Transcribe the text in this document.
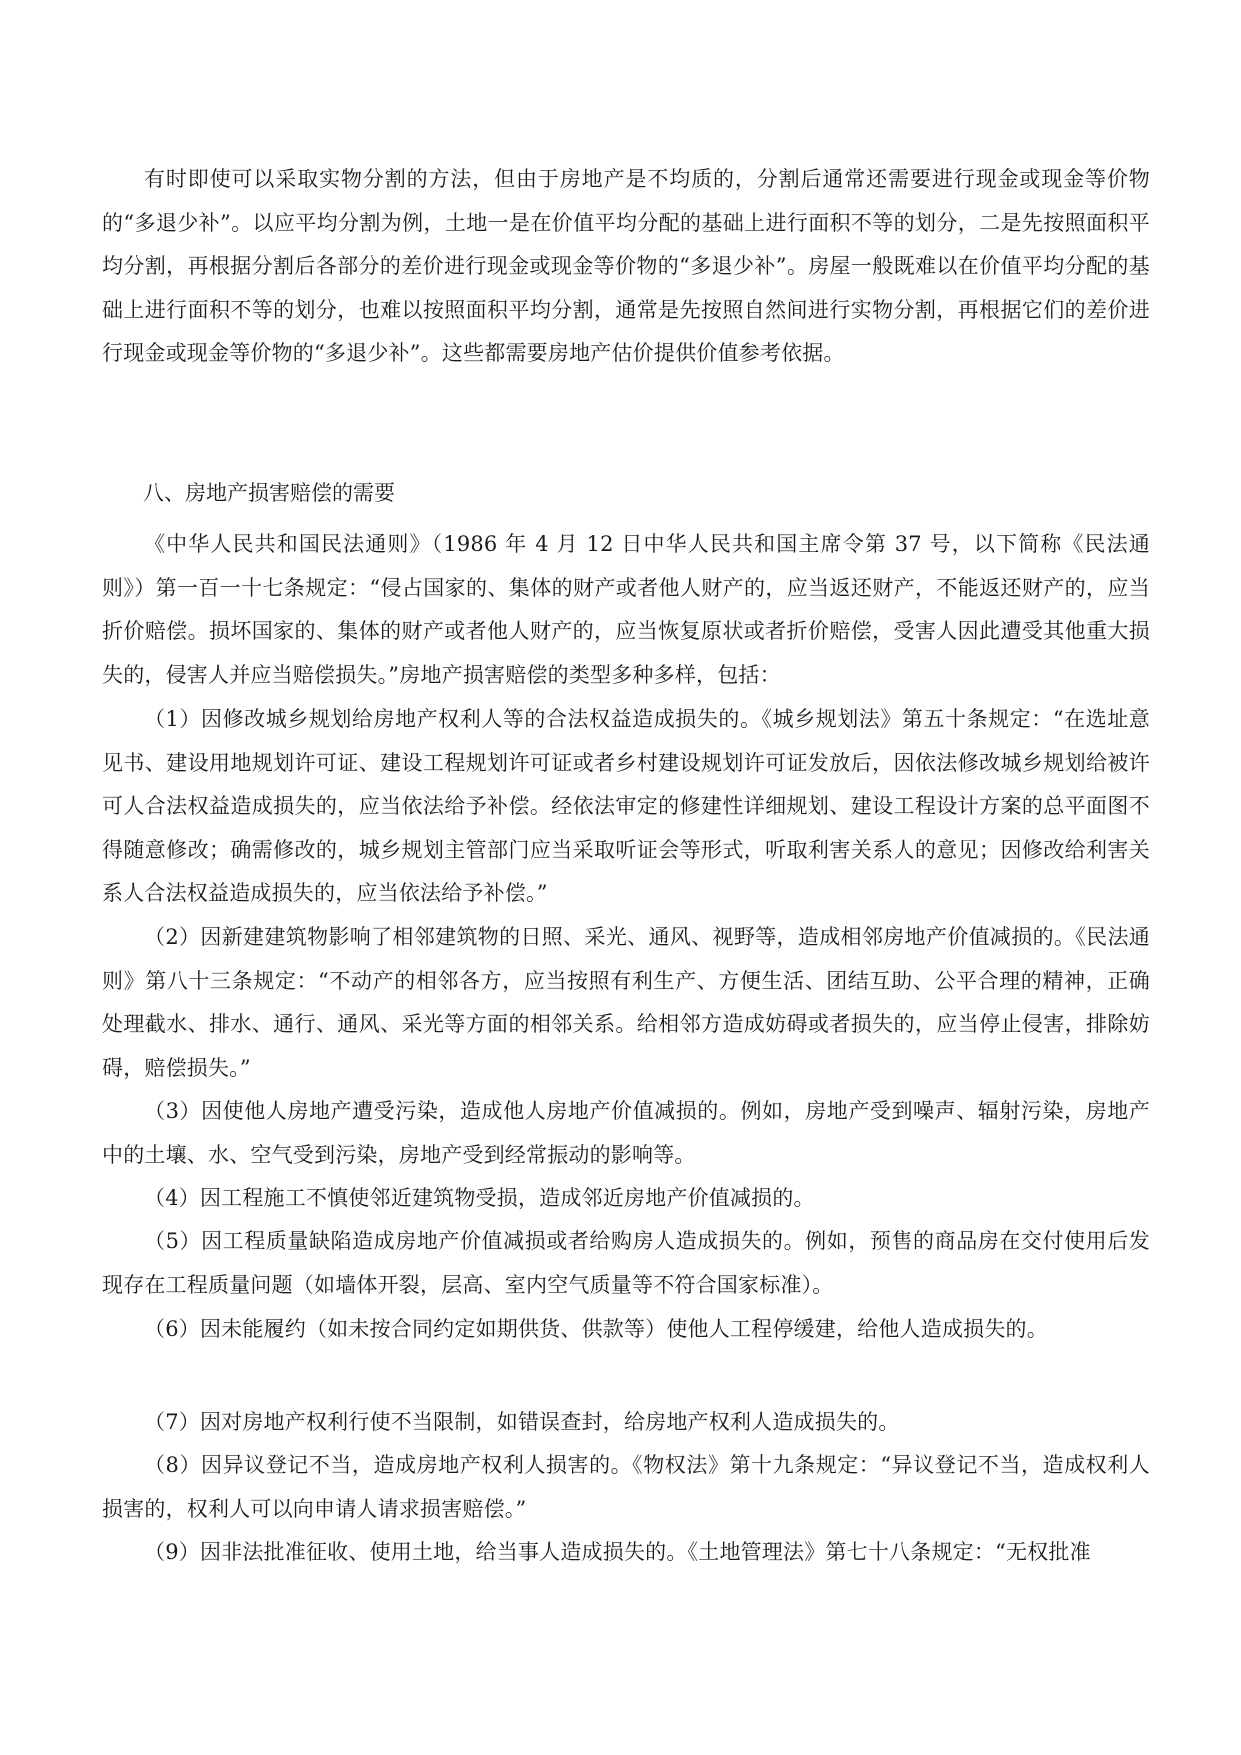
有时即使可以采取实物分割的方法，但由于房地产是不均质的，分割后通常还需要进行现金或现金等价物的“多退少补”。以应平均分割为例，土地一是在价值平均分配的基础上进行面积不等的划分，二是先按照面积平均分割，再根据分割后各部分的差价进行现金或现金等价物的“多退少补”。房屋一般既难以在价值平均分配的基础上进行面积不等的划分，也难以按照面积平均分割，通常是先按照自然间进行实物分割，再根据它们的差价进行现金或现金等价物的“多退少补”。这些都需要房地产估价提供价值参考依据。

八、房地产损害赔偿的需要

《中华人民共和国民法通则》（1986 年 4 月 12 日中华人民共和国主席令第 37 号，以下简称《民法通则》）第一百一十七条规定：“侵占国家的、集体的财产或者他人财产的，应当返还财产，不能返还财产的，应当折价赔偿。损坏国家的、集体的财产或者他人财产的，应当恢复原状或者折价赔偿，受害人因此遭受其他重大损失的，侵害人并应当赔偿损失。”房地产损害赔偿的类型多种多样，包括：

（1）因修改城乡规划给房地产权利人等的合法权益造成损失的。《城乡规划法》第五十条规定：“在选址意见书、建设用地规划许可证、建设工程规划许可证或者乡村建设规划许可证发放后，因依法修改城乡规划给被许可人合法权益造成损失的，应当依法给予补偿。经依法审定的修建性详细规划、建设工程设计方案的总平面图不得随意修改；确需修改的，城乡规划主管部门应当采取听证会等形式，听取利害关系人的意见；因修改给利害关系人合法权益造成损失的，应当依法给予补偿。”

（2）因新建建筑物影响了相邻建筑物的日照、采光、通风、视野等，造成相邻房地产价值减损的。《民法通则》第八十三条规定：“不动产的相邻各方，应当按照有利生产、方便生活、团结互助、公平合理的精神，正确处理截水、排水、通行、通风、采光等方面的相邻关系。给相邻方造成妨碍或者损失的，应当停止侵害，排除妨碍，赔偿损失。”

（3）因使他人房地产遭受污染，造成他人房地产价值减损的。例如，房地产受到噪声、辐射污染，房地产中的土壤、水、空气受到污染，房地产受到经常振动的影响等。

（4）因工程施工不慎使邻近建筑物受损，造成邻近房地产价值减损的。

（5）因工程质量缺陷造成房地产价值减损或者给购房人造成损失的。例如，预售的商品房在交付使用后发现存在工程质量问题（如墙体开裂，层高、室内空气质量等不符合国家标准）。

（6）因未能履约（如未按合同约定如期供货、供款等）使他人工程停缓建，给他人造成损失的。

（7）因对房地产权利行使不当限制，如错误查封，给房地产权利人造成损失的。

（8）因异议登记不当，造成房地产权利人损害的。《物权法》第十九条规定：“异议登记不当，造成权利人损害的，权利人可以向申请人请求损害赔偿。”

（9）因非法批准征收、使用土地，给当事人造成损失的。《土地管理法》第七十八条规定：“无权批准
